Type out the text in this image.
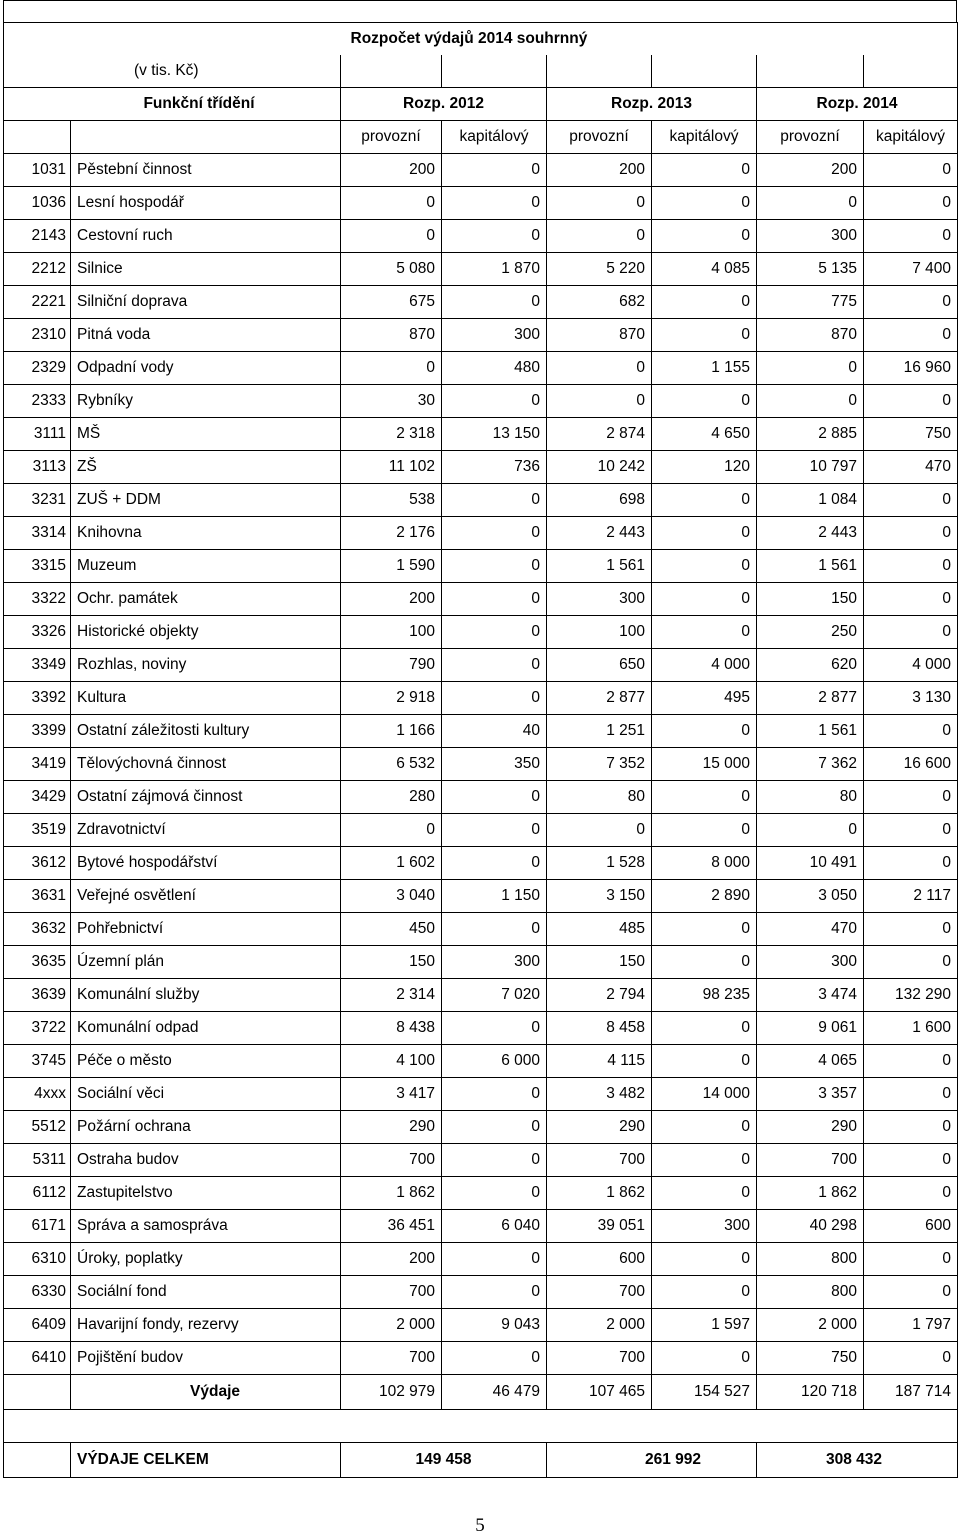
	Rozpočet výdajů 2014 souhrnný						
(v tis. Kč)							
Funkční třídění		Rozp. 2012		Rozp. 2013		Rozp. 2014	
		provozní	kapitálový	provozní	kapitálový	provozní	kapitálový
1031	Pěstební činnost	200	0	200	0	200	0
1036	Lesní hospodář	0	0	0	0	0	0
2143	Cestovní ruch	0	0	0	0	300	0
2212	Silnice	5 080	1 870	5 220	4 085	5 135	7 400
2221	Silniční doprava	675	0	682	0	775	0
2310	Pitná voda	870	300	870	0	870	0
2329	Odpadní vody	0	480	0	1 155	0	16 960
2333	Rybníky	30	0	0	0	0	0
3111	MŠ	2 318	13 150	2 874	4 650	2 885	750
3113	ZŠ	11 102	736	10 242	120	10 797	470
3231	ZUŠ + DDM	538	0	698	0	1 084	0
3314	Knihovna	2 176	0	2 443	0	2 443	0
3315	Muzeum	1 590	0	1 561	0	1 561	0
3322	Ochr. památek	200	0	300	0	150	0
3326	Historické objekty	100	0	100	0	250	0
3349	Rozhlas, noviny	790	0	650	4 000	620	4 000
3392	Kultura	2 918	0	2 877	495	2 877	3 130
3399	Ostatní záležitosti kultury	1 166	40	1 251	0	1 561	0
3419	Tělovýchovná činnost	6 532	350	7 352	15 000	7 362	16 600
3429	Ostatní zájmová činnost	280	0	80	0	80	0
3519	Zdravotnictví	0	0	0	0	0	0
3612	Bytové hospodářství	1 602	0	1 528	8 000	10 491	0
3631	Veřejné osvětlení	3 040	1 150	3 150	2 890	3 050	2 117
3632	Pohřebnictví	450	0	485	0	470	0
3635	Územní plán	150	300	150	0	300	0
3639	Komunální služby	2 314	7 020	2 794	98 235	3 474	132 290
3722	Komunální odpad	8 438	0	8 458	0	9 061	1 600
3745	Péče o město	4 100	6 000	4 115	0	4 065	0
4xxx	Sociální věci	3 417	0	3 482	14 000	3 357	0
5512	Požární ochrana	290	0	290	0	290	0
5311	Ostraha budov	700	0	700	0	700	0
6112	Zastupitelstvo	1 862	0	1 862	0	1 862	0
6171	Správa a samospráva	36 451	6 040	39 051	300	40 298	600
6310	Úroky, poplatky	200	0	600	0	800	0
6330	Sociální fond	700	0	700	0	800	0
6409	Havarijní fondy, rezervy	2 000	9 043	2 000	1 597	2 000	1 797
6410	Pojištění budov	700	0	700	0	750	0
	Výdaje	102 979	46 479	107 465	154 527	120 718	187 714

	VÝDAJE CELKEM	149 458		261 992		308 432	
5
